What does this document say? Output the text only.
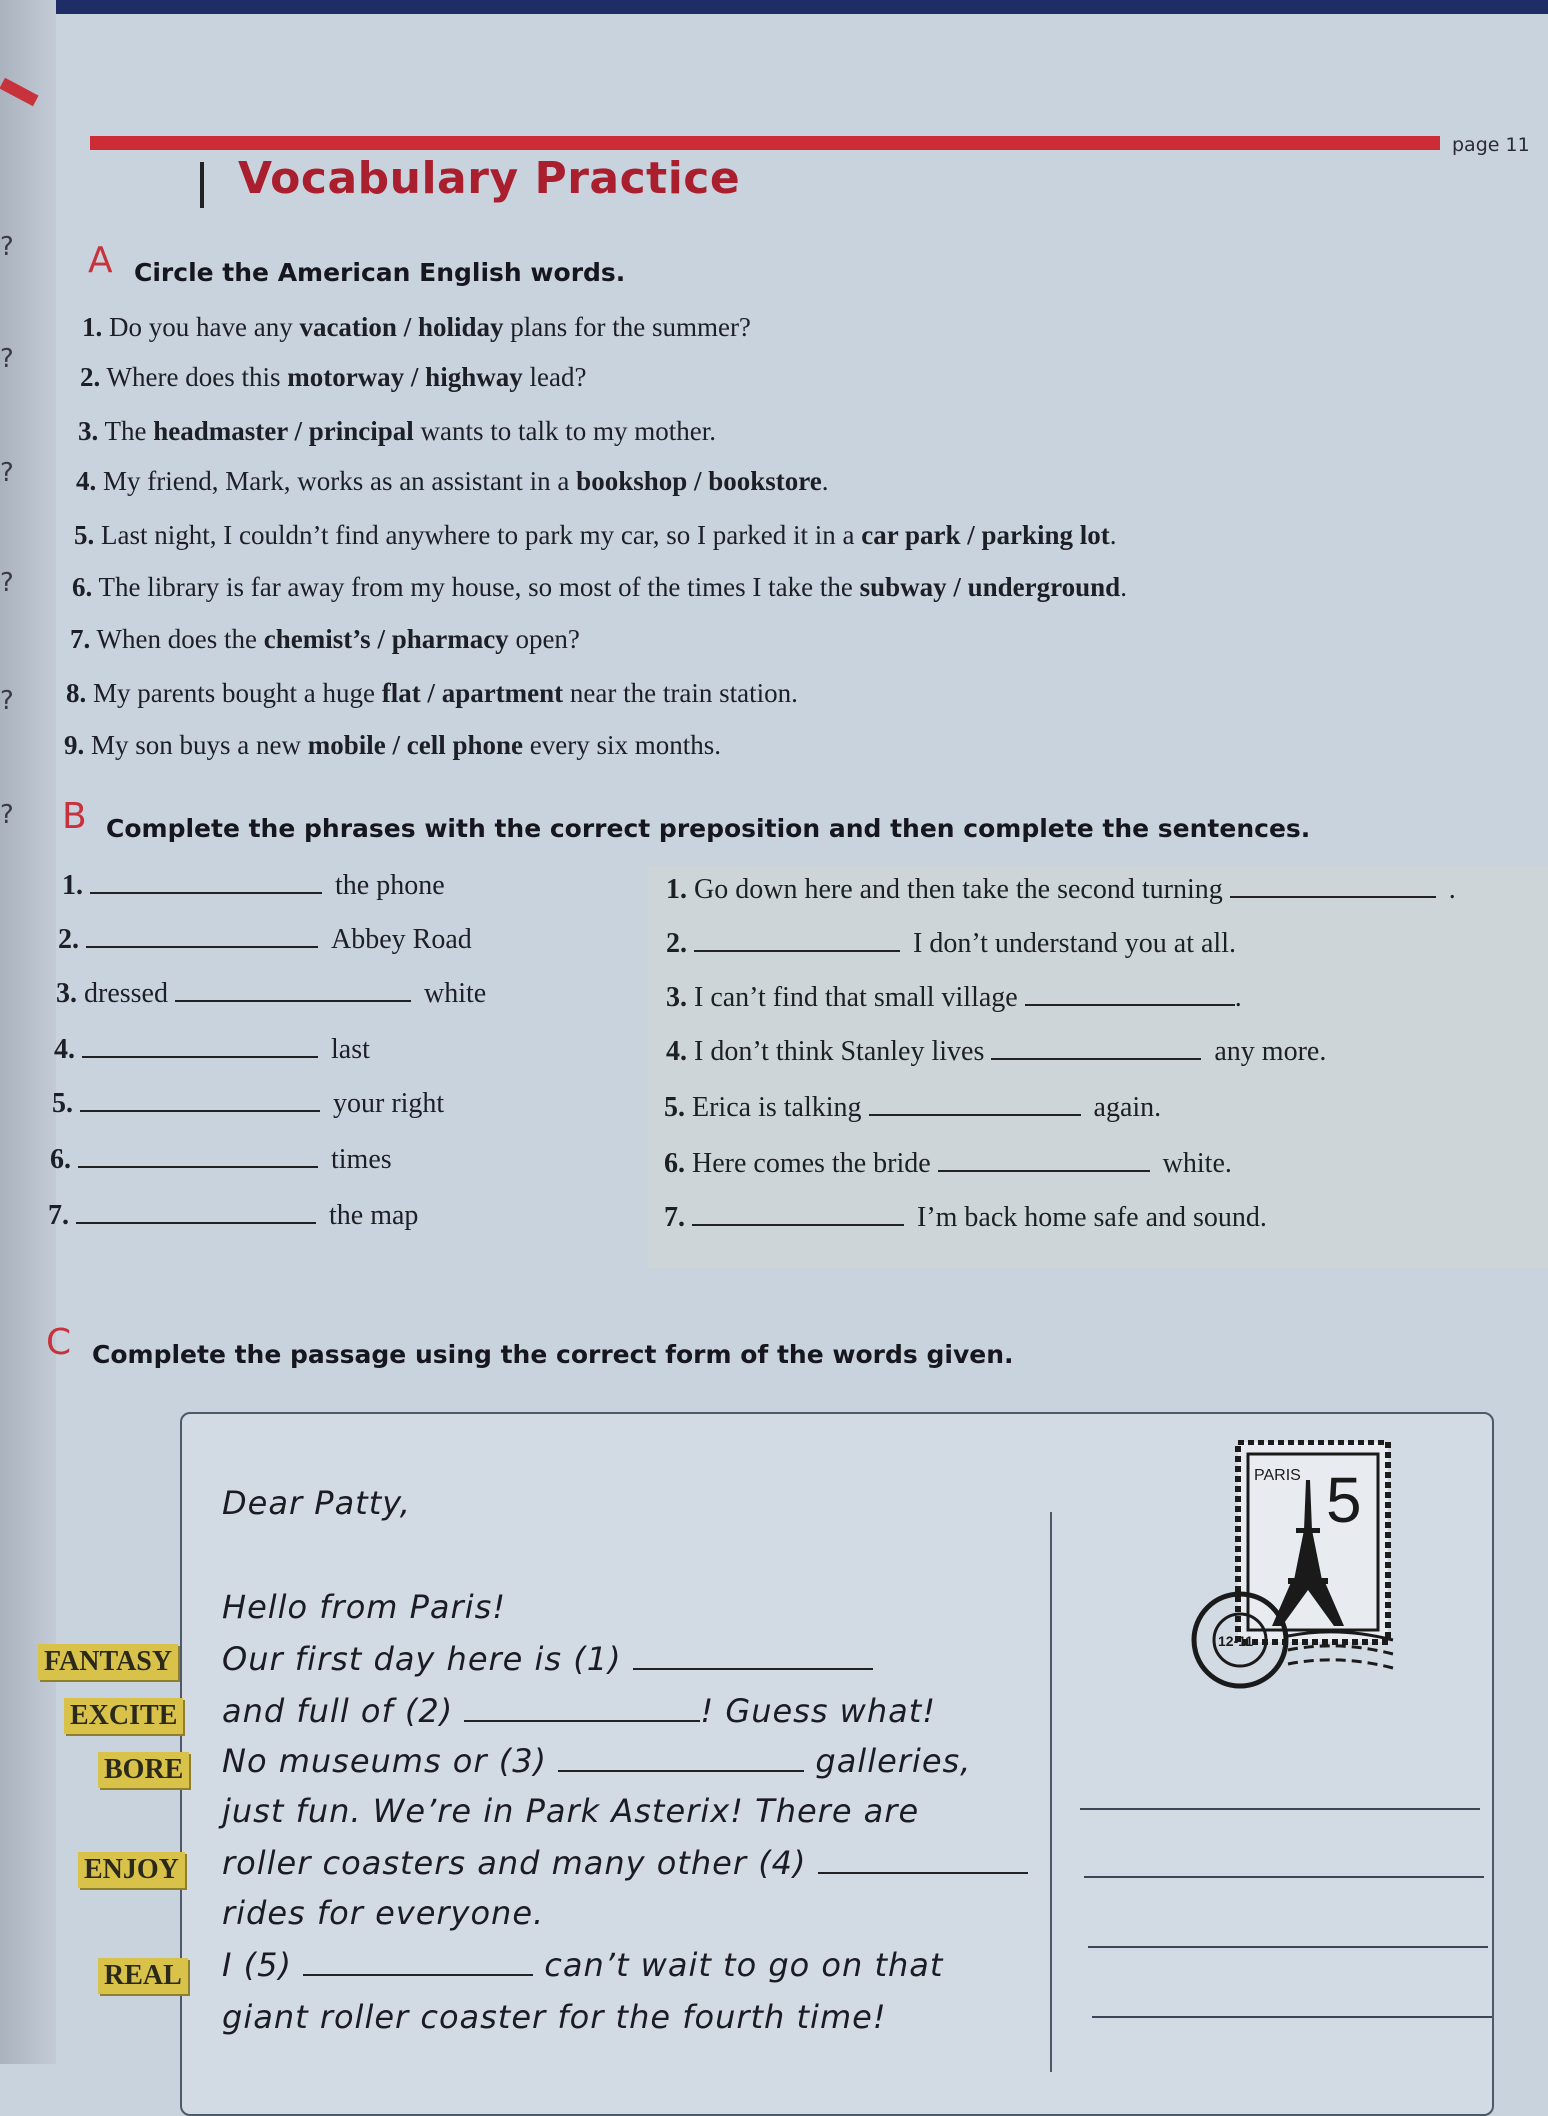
?
?
?
?
?
?
page 11
Vocabulary Practice
A Circle the American English words.
1. Do you have any vacation / holiday plans for the summer?
2. Where does this motorway / highway lead?
3. The headmaster / principal wants to talk to my mother.
4. My friend, Mark, works as an assistant in a bookshop / bookstore.
5. Last night, I couldn’t find anywhere to park my car, so I parked it in a car park / parking lot.
6. The library is far away from my house, so most of the times I take the subway / underground.
7. When does the chemist’s / pharmacy open?
8. My parents bought a huge flat / apartment near the train station.
9. My son buys a new mobile / cell phone every six months.
B Complete the phrases with the correct preposition and then complete the sentences.
1.	the phone
2.	Abbey Road
3. dressed	white
4.	last
5.	your right
6.	times
7.	the map
1. Go down here and then take the second turning	.
2.	I don’t understand you at all.
3. I can’t find that small village	.
4. I don’t think Stanley lives	any more.
5. Erica is talking	again.
6. Here comes the bride	white.
7.	I’m back home safe and sound.
C Complete the passage using the correct form of the words given.
Dear Patty,
Hello from Paris!
Our first day here is (1)
and full of (2)	! Guess what!
No museums or (3)	galleries,
just fun. We’re in Park Asterix! There are
roller coasters and many other (4)
rides for everyone.
I (5)	can’t wait to go on that
giant roller coaster for the fourth time!
FANTASY
EXCITE
BORE
ENJOY
REAL
PARIS 5
12-11
